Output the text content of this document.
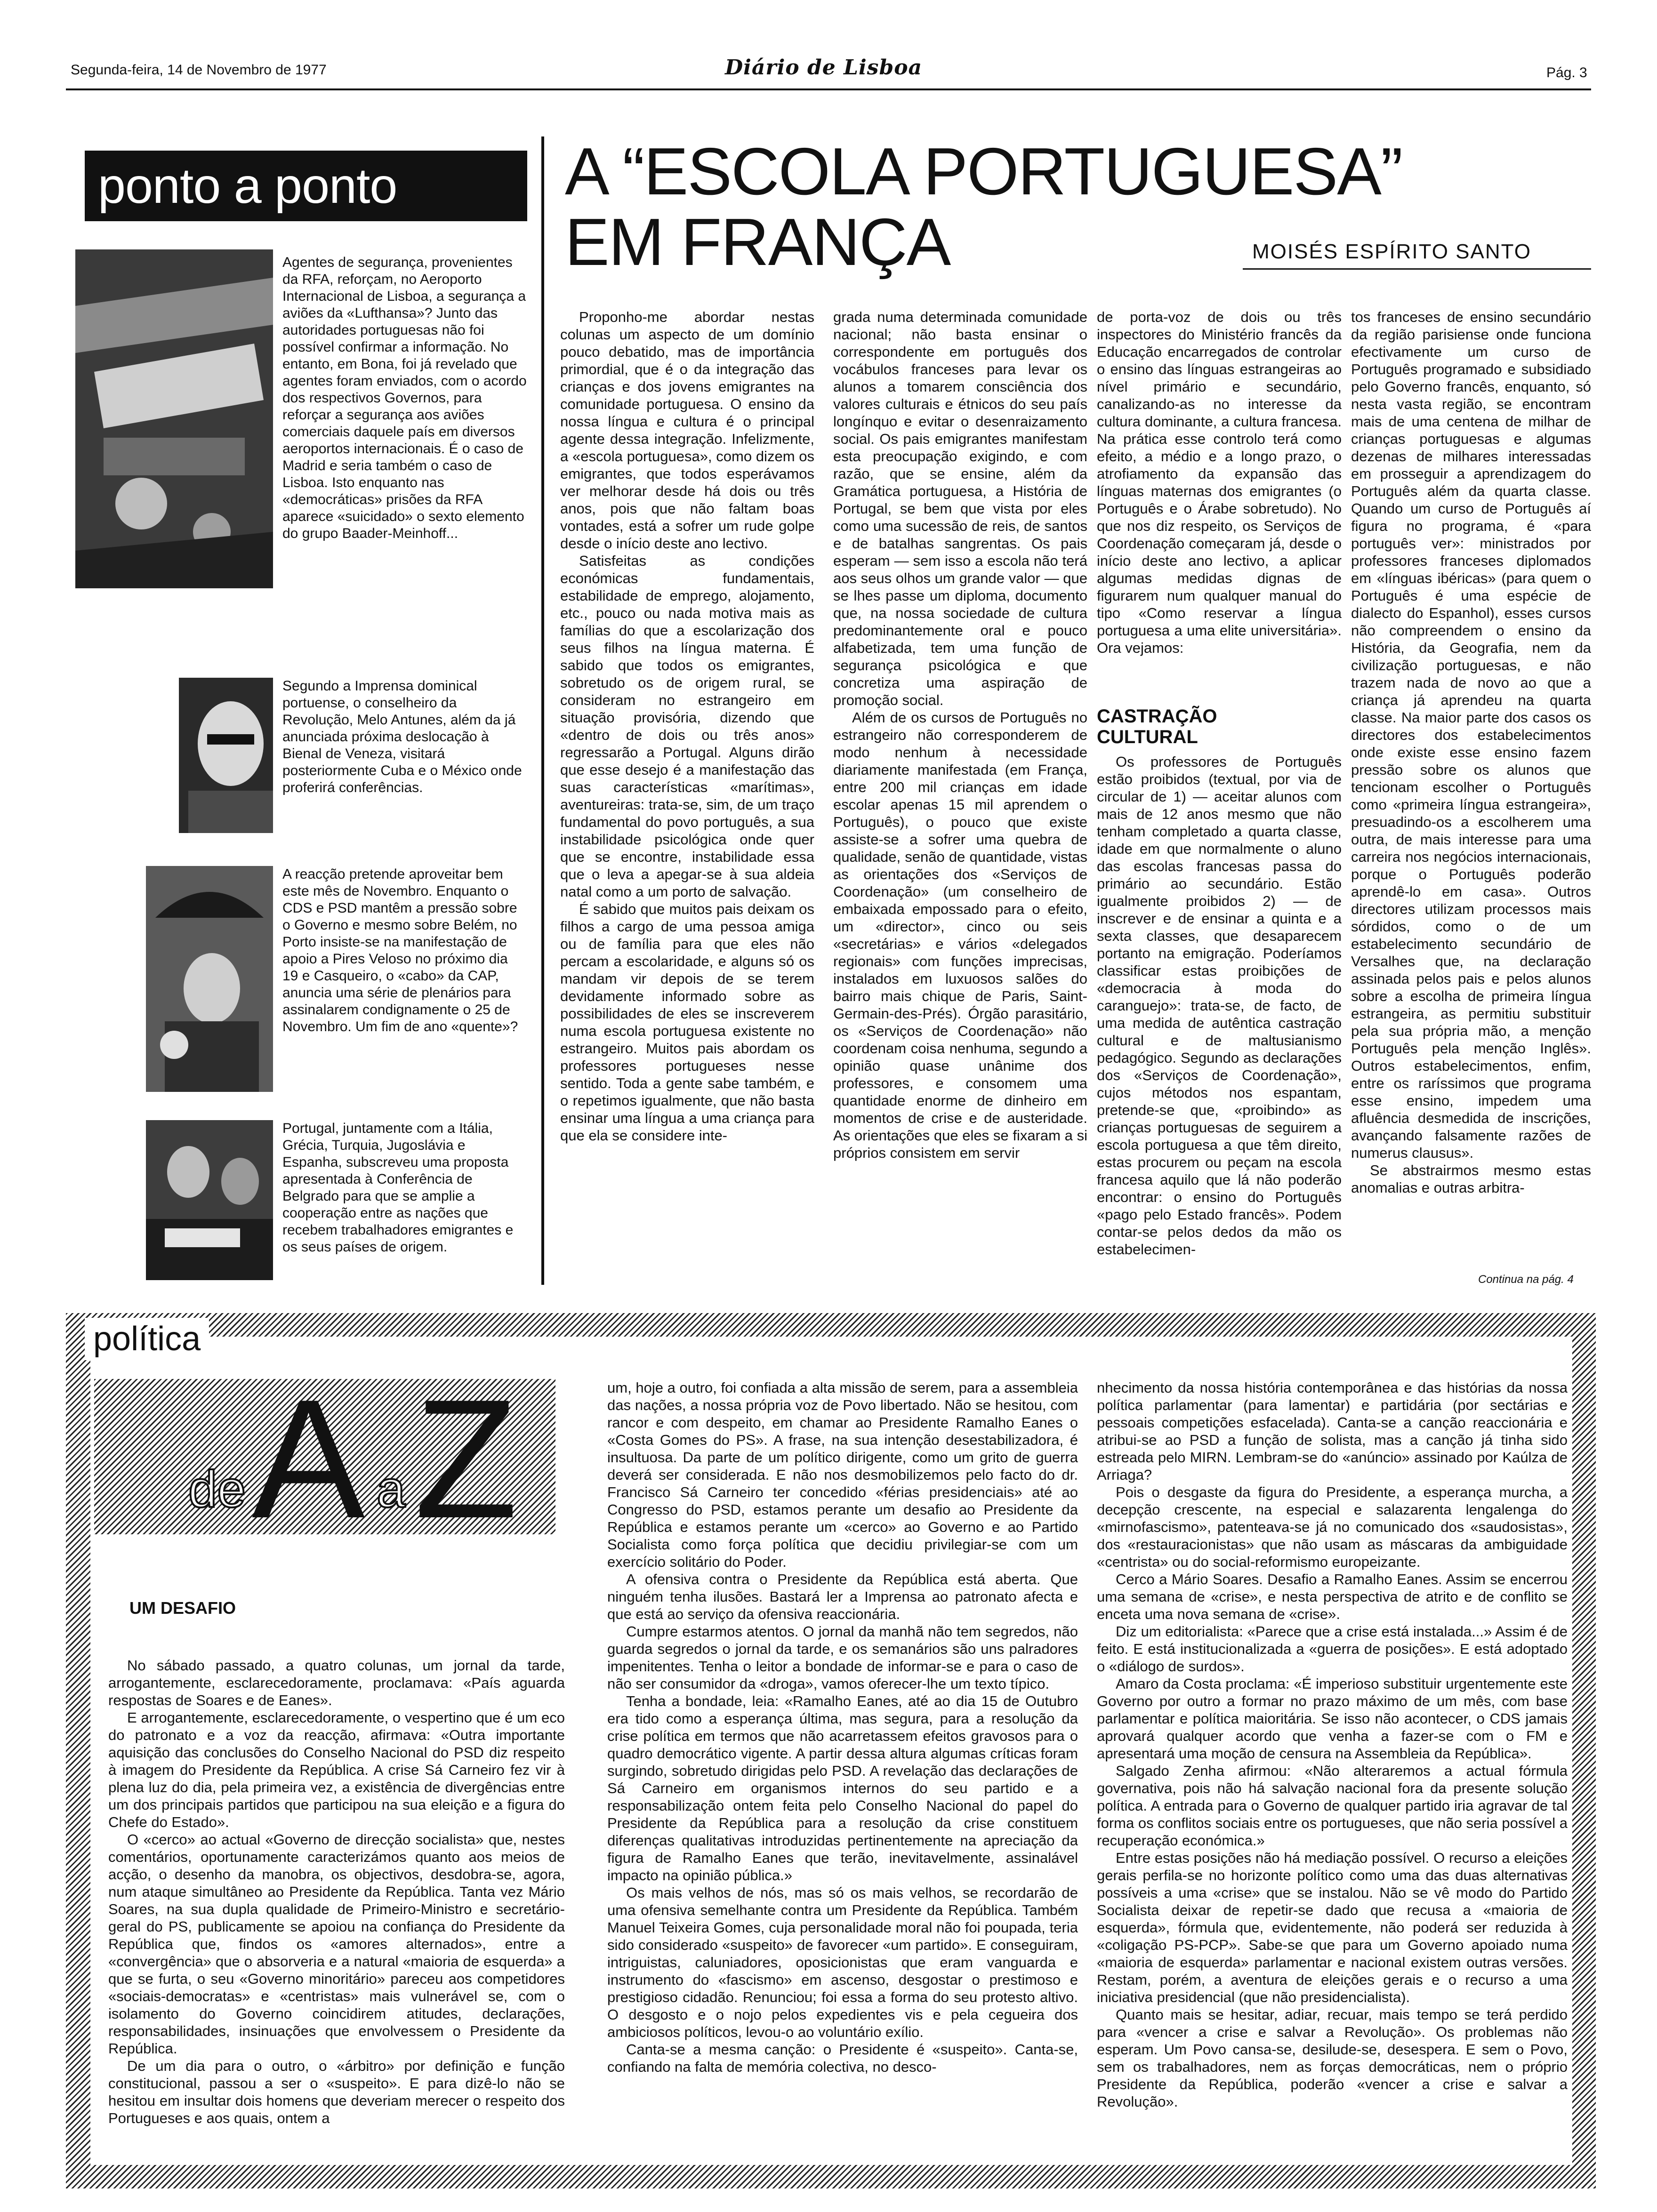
Segunda-feira, 14 de Novembro de 1977	Diário de Lisboa	Pág. 3
ponto a ponto
Agentes de segurança, provenientes da RFA, reforçam, no Aeroporto Internacional de Lisboa, a segurança a aviões da «Lufthansa»? Junto das autoridades portuguesas não foi possível confirmar a informação. No entanto, em Bona, foi já revelado que agentes foram enviados, com o acordo dos respectivos Governos, para reforçar a segurança aos aviões comerciais daquele país em diversos aeroportos internacionais. É o caso de Madrid e seria também o caso de Lisboa. Isto enquanto nas «democráticas» prisões da RFA aparece «suicidado» o sexto elemento do grupo Baader-Meinhoff...
Segundo a Imprensa dominical portuense, o conselheiro da Revolução, Melo Antunes, além da já anunciada próxima deslocação à Bienal de Veneza, visitará posteriormente Cuba e o México onde proferirá conferências.
A reacção pretende aproveitar bem este mês de Novembro. Enquanto o CDS e PSD mantêm a pressão sobre o Governo e mesmo sobre Belém, no Porto insiste-se na manifestação de apoio a Pires Veloso no próximo dia 19 e Casqueiro, o «cabo» da CAP, anuncia uma série de plenários para assinalarem condignamente o 25 de Novembro. Um fim de ano «quente»?
Portugal, juntamente com a Itália, Grécia, Turquia, Jugoslávia e Espanha, subscreveu uma proposta apresentada à Conferência de Belgrado para que se amplie a cooperação entre as nações que recebem trabalhadores emigrantes e os seus países de origem.
A “ESCOLA PORTUGUESA”
EM FRANÇA	MOISÉS ESPÍRITO SANTO

Proponho-me abordar nestas colunas um aspecto de um domínio pouco debatido, mas de importância primordial, que é o da integração das crianças e dos jovens emigrantes na comunidade portuguesa. O ensino da nossa língua e cultura é o principal agente dessa integração. Infelizmente, a «escola portuguesa», como dizem os emigrantes, que todos esperávamos ver melhorar desde há dois ou três anos, pois que não faltam boas vontades, está a sofrer um rude golpe desde o início deste ano lectivo.

Satisfeitas as condições económicas fundamentais, estabilidade de emprego, alojamento, etc., pouco ou nada motiva mais as famílias do que a escolarização dos seus filhos na língua materna. É sabido que todos os emigrantes, sobretudo os de origem rural, se consideram no estrangeiro em situação provisória, dizendo que «dentro de dois ou três anos» regressarão a Portugal. Alguns dirão que esse desejo é a manifestação das suas características «marítimas», aventureiras: trata-se, sim, de um traço fundamental do povo português, a sua instabilidade psicológica onde quer que se encontre, instabilidade essa que o leva a apegar-se à sua aldeia natal como a um porto de salvação.

É sabido que muitos pais deixam os filhos a cargo de uma pessoa amiga ou de família para que eles não percam a escolaridade, e alguns só os mandam vir depois de se terem devidamente informado sobre as possibilidades de eles se inscreverem numa escola portuguesa existente no estrangeiro. Muitos pais abordam os professores portugueses nesse sentido. Toda a gente sabe também, e o repetimos igualmente, que não basta ensinar uma língua a uma criança para que ela se considere inte-

grada numa determinada comunidade nacional; não basta ensinar o correspondente em português dos vocábulos franceses para levar os alunos a tomarem consciência dos valores culturais e étnicos do seu país longínquo e evitar o desenraizamento social. Os pais emigrantes manifestam esta preocupação exigindo, e com razão, que se ensine, além da Gramática portuguesa, a História de Portugal, se bem que vista por eles como uma sucessão de reis, de santos e de batalhas sangrentas. Os pais esperam — sem isso a escola não terá aos seus olhos um grande valor — que se lhes passe um diploma, documento que, na nossa sociedade de cultura predominantemente oral e pouco alfabetizada, tem uma função de segurança psicológica e que concretiza uma aspiração de promoção social.

Além de os cursos de Português no estrangeiro não corresponderem de modo nenhum à necessidade diariamente manifestada (em França, entre 200 mil crianças em idade escolar apenas 15 mil aprendem o Português), o pouco que existe assiste-se a sofrer uma quebra de qualidade, senão de quantidade, vistas as orientações dos «Serviços de Coordenação» (um conselheiro de embaixada empossado para o efeito, um «director», cinco ou seis «secretárias» e vários «delegados regionais» com funções imprecisas, instalados em luxuosos salões do bairro mais chique de Paris, Saint-Germain-des-Prés). Órgão parasitário, os «Serviços de Coordenação» não coordenam coisa nenhuma, segundo a opinião quase unânime dos professores, e consomem uma quantidade enorme de dinheiro em momentos de crise e de austeridade. As orientações que eles se fixaram a si próprios consistem em servir

de porta-voz de dois ou três inspectores do Ministério francês da Educação encarregados de controlar o ensino das línguas estrangeiras ao nível primário e secundário, canalizando-as no interesse da cultura dominante, a cultura francesa. Na prática esse controlo terá como efeito, a médio e a longo prazo, o atrofiamento da expansão das línguas maternas dos emigrantes (o Português e o Árabe sobretudo). No que nos diz respeito, os Serviços de Coordenação começaram já, desde o início deste ano lectivo, a aplicar algumas medidas dignas de figurarem num qualquer manual do tipo «Como reservar a língua portuguesa a uma elite universitária». Ora vejamos:

CASTRAÇÃO CULTURAL

Os professores de Português estão proibidos (textual, por via de circular de 1) — aceitar alunos com mais de 12 anos mesmo que não tenham completado a quarta classe, idade em que normalmente o aluno das escolas francesas passa do primário ao secundário. Estão igualmente proibidos 2) — de inscrever e de ensinar a quinta e a sexta classes, que desaparecem portanto na emigração. Poderíamos classificar estas proibições de «democracia à moda do caranguejo»: trata-se, de facto, de uma medida de autêntica castração cultural e de maltusianismo pedagógico. Segundo as declarações dos «Serviços de Coordenação», cujos métodos nos espantam, pretende-se que, «proibindo» as crianças portuguesas de seguirem a escola portuguesa a que têm direito, estas procurem ou peçam na escola francesa aquilo que lá não poderão encontrar: o ensino do Português «pago pelo Estado francês». Podem contar-se pelos dedos da mão os estabelecimen-

tos franceses de ensino secundário da região parisiense onde funciona efectivamente um curso de Português programado e subsidiado pelo Governo francês, enquanto, só nesta vasta região, se encontram mais de uma centena de milhar de crianças portuguesas e algumas dezenas de milhares interessadas em prosseguir a aprendizagem do Português além da quarta classe. Quando um curso de Português aí figura no programa, é «para português ver»: ministrados por professores franceses diplomados em «línguas ibéricas» (para quem o Português é uma espécie de dialecto do Espanhol), esses cursos não compreendem o ensino da História, da Geografia, nem da civilização portuguesas, e não trazem nada de novo ao que a criança já aprendeu na quarta classe. Na maior parte dos casos os directores dos estabelecimentos onde existe esse ensino fazem pressão sobre os alunos que tencionam escolher o Português como «primeira língua estrangeira», presuadindo-os a escolherem uma outra, de mais interesse para uma carreira nos negócios internacionais, porque o Português poderão aprendê-lo em casa». Outros directores utilizam processos mais sórdidos, como o de um estabelecimento secundário de Versalhes que, na declaração assinada pelos pais e pelos alunos sobre a escolha de primeira língua estrangeira, as permitiu substituir pela sua própria mão, a menção Português pela menção Inglês». Outros estabelecimentos, enfim, entre os raríssimos que programa esse ensino, impedem uma afluência desmedida de inscrições, avançando falsamente razões de numerus clausus».

Se abstrairmos mesmo estas anomalias e outras arbitra-

Continua na pág. 4
política
de A a Z
UM DESAFIO

No sábado passado, a quatro colunas, um jornal da tarde, arrogantemente, esclarecedoramente, proclamava: «País aguarda respostas de Soares e de Eanes».

E arrogantemente, esclarecedoramente, o vespertino que é um eco do patronato e a voz da reacção, afirmava: «Outra importante aquisição das conclusões do Conselho Nacional do PSD diz respeito à imagem do Presidente da República. A crise Sá Carneiro fez vir à plena luz do dia, pela primeira vez, a existência de divergências entre um dos principais partidos que participou na sua eleição e a figura do Chefe do Estado».

O «cerco» ao actual «Governo de direcção socialista» que, nestes comentários, oportunamente caracterizámos quanto aos meios de acção, o desenho da manobra, os objectivos, desdobra-se, agora, num ataque simultâneo ao Presidente da República. Tanta vez Mário Soares, na sua dupla qualidade de Primeiro-Ministro e secretário-geral do PS, publicamente se apoiou na confiança do Presidente da República que, findos os «amores alternados», entre a «convergência» que o absorveria e a natural «maioria de esquerda» a que se furta, o seu «Governo minoritário» pareceu aos competidores «sociais-democratas» e «centristas» mais vulnerável se, com o isolamento do Governo coincidirem atitudes, declarações, responsabilidades, insinuações que envolvessem o Presidente da República.

De um dia para o outro, o «árbitro» por definição e função constitucional, passou a ser o «suspeito». E para dizê-lo não se hesitou em insultar dois homens que deveriam merecer o respeito dos Portugueses e aos quais, ontem a

um, hoje a outro, foi confiada a alta missão de serem, para a assembleia das nações, a nossa própria voz de Povo libertado. Não se hesitou, com rancor e com despeito, em chamar ao Presidente Ramalho Eanes o «Costa Gomes do PS». A frase, na sua intenção desestabilizadora, é insultuosa. Da parte de um político dirigente, como um grito de guerra deverá ser considerada. E não nos desmobilizemos pelo facto do dr. Francisco Sá Carneiro ter concedido «férias presidenciais» até ao Congresso do PSD, estamos perante um desafio ao Presidente da República e estamos perante um «cerco» ao Governo e ao Partido Socialista como força política que decidiu privilegiar-se com um exercício solitário do Poder.

A ofensiva contra o Presidente da República está aberta. Que ninguém tenha ilusões. Bastará ler a Imprensa ao patronato afecta e que está ao serviço da ofensiva reaccionária.

Cumpre estarmos atentos. O jornal da manhã não tem segredos, não guarda segredos o jornal da tarde, e os semanários são uns palradores impenitentes. Tenha o leitor a bondade de informar-se e para o caso de não ser consumidor da «droga», vamos oferecer-lhe um texto típico.

Tenha a bondade, leia: «Ramalho Eanes, até ao dia 15 de Outubro era tido como a esperança última, mas segura, para a resolução da crise política em termos que não acarretassem efeitos gravosos para o quadro democrático vigente. A partir dessa altura algumas críticas foram surgindo, sobretudo dirigidas pelo PSD. A revelação das declarações de Sá Carneiro em organismos internos do seu partido e a responsabilização ontem feita pelo Conselho Nacional do papel do Presidente da República para a resolução da crise constituem diferenças qualitativas introduzidas pertinentemente na apreciação da figura de Ramalho Eanes que terão, inevitavelmente, assinalável impacto na opinião pública.»

Os mais velhos de nós, mas só os mais velhos, se recordarão de uma ofensiva semelhante contra um Presidente da República. Também Manuel Teixeira Gomes, cuja personalidade moral não foi poupada, teria sido considerado «suspeito» de favorecer «um partido». E conseguiram, intriguistas, caluniadores, oposicionistas que eram vanguarda e instrumento do «fascismo» em ascenso, desgostar o prestimoso e prestigioso cidadão. Renunciou; foi essa a forma do seu protesto altivo. O desgosto e o nojo pelos expedientes vis e pela cegueira dos ambiciosos políticos, levou-o ao voluntário exílio.

Canta-se a mesma canção: o Presidente é «suspeito». Canta-se, confiando na falta de memória colectiva, no desco-

nhecimento da nossa história contemporânea e das histórias da nossa política parlamentar (para lamentar) e partidária (por sectárias e pessoais competições esfacelada). Canta-se a canção reaccionária e atribui-se ao PSD a função de solista, mas a canção já tinha sido estreada pelo MIRN. Lembram-se do «anúncio» assinado por Kaúlza de Arriaga?

Pois o desgaste da figura do Presidente, a esperança murcha, a decepção crescente, na especial e salazarenta lengalenga do «mirnofascismo», patenteava-se já no comunicado dos «saudosistas», dos «restauracionistas» que não usam as máscaras da ambiguidade «centrista» ou do social-reformismo europeizante.

Cerco a Mário Soares. Desafio a Ramalho Eanes. Assim se encerrou uma semana de «crise», e nesta perspectiva de atrito e de conflito se enceta uma nova semana de «crise».

Diz um editorialista: «Parece que a crise está instalada...» Assim é de feito. E está institucionalizada a «guerra de posições». E está adoptado o «diálogo de surdos».

Amaro da Costa proclama: «É imperioso substituir urgentemente este Governo por outro a formar no prazo máximo de um mês, com base parlamentar e política maioritária. Se isso não acontecer, o CDS jamais aprovará qualquer acordo que venha a fazer-se com o FM e apresentará uma moção de censura na Assembleia da República».

Salgado Zenha afirmou: «Não alteraremos a actual fórmula governativa, pois não há salvação nacional fora da presente solução política. A entrada para o Governo de qualquer partido iria agravar de tal forma os conflitos sociais entre os portugueses, que não seria possível a recuperação económica.»

Entre estas posições não há mediação possível. O recurso a eleições gerais perfila-se no horizonte político como uma das duas alternativas possíveis a uma «crise» que se instalou. Não se vê modo do Partido Socialista deixar de repetir-se dado que recusa a «maioria de esquerda», fórmula que, evidentemente, não poderá ser reduzida à «coligação PS-PCP». Sabe-se que para um Governo apoiado numa «maioria de esquerda» parlamentar e nacional existem outras versões. Restam, porém, a aventura de eleições gerais e o recurso a uma iniciativa presidencial (que não presidencialista).

Quanto mais se hesitar, adiar, recuar, mais tempo se terá perdido para «vencer a crise e salvar a Revolução». Os problemas não esperam. Um Povo cansa-se, desilude-se, desespera. E sem o Povo, sem os trabalhadores, nem as forças democráticas, nem o próprio Presidente da República, poderão «vencer a crise e salvar a Revolução».
